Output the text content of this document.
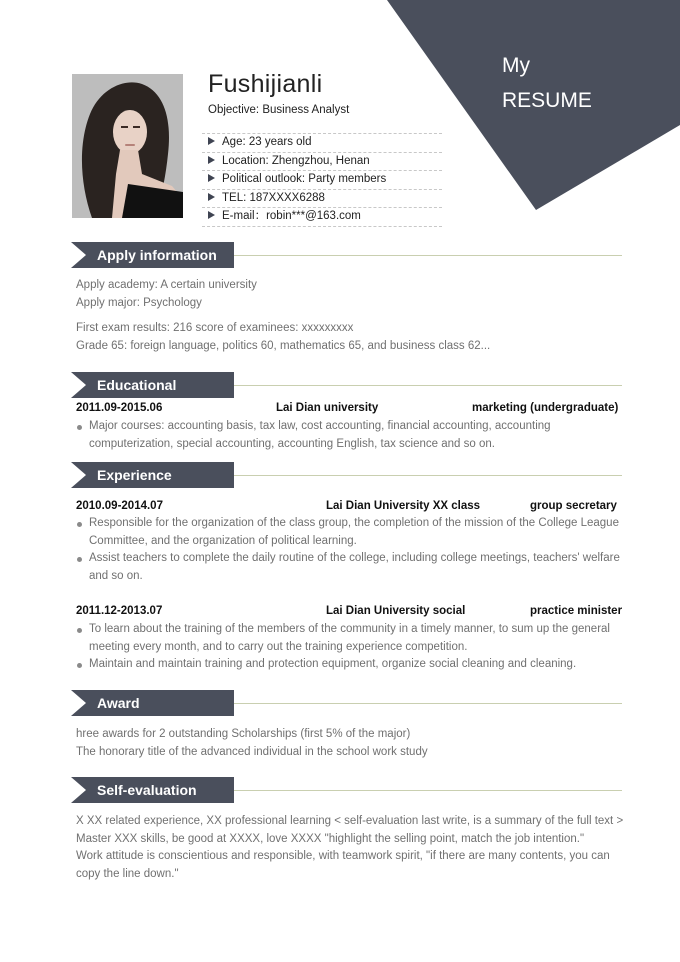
My
RESUME
Fushijianli
Objective: Business Analyst
Age: 23 years old
Location: Zhengzhou, Henan
Political outlook: Party members
TEL: 187XXXX6288
E-mail：robin***@163.com
Apply information
Apply academy: A certain university
Apply major: Psychology
First exam results: 216 score of examinees: xxxxxxxxx
Grade 65: foreign language, politics 60, mathematics 65, and business class 62...
Educational
2011.09-2015.06	Lai Dian university	marketing (undergraduate)
Major courses: accounting basis, tax law, cost accounting, financial accounting, accounting computerization, special accounting, accounting English, tax science and so on.
Experience
2010.09-2014.07	Lai Dian University XX class	group secretary
Responsible for the organization of the class group, the completion of the mission of the College League Committee, and the organization of political learning.
Assist teachers to complete the daily routine of the college, including college meetings, teachers' welfare and so on.
2011.12-2013.07	Lai Dian University social	practice minister
To learn about the training of the members of the community in a timely manner, to sum up the general meeting every month, and to carry out the training experience competition.
Maintain and maintain training and protection equipment, organize social cleaning and cleaning.
Award
hree awards for 2 outstanding Scholarships (first 5% of the major)
The honorary title of the advanced individual in the school work study
Self-evaluation
X XX related experience, XX professional learning < self-evaluation last write, is a summary of the full text >
Master XXX skills, be good at XXXX, love XXXX "highlight the selling point, match the job intention."
Work attitude is conscientious and responsible, with teamwork spirit, "if there are many contents, you can copy the line down."
